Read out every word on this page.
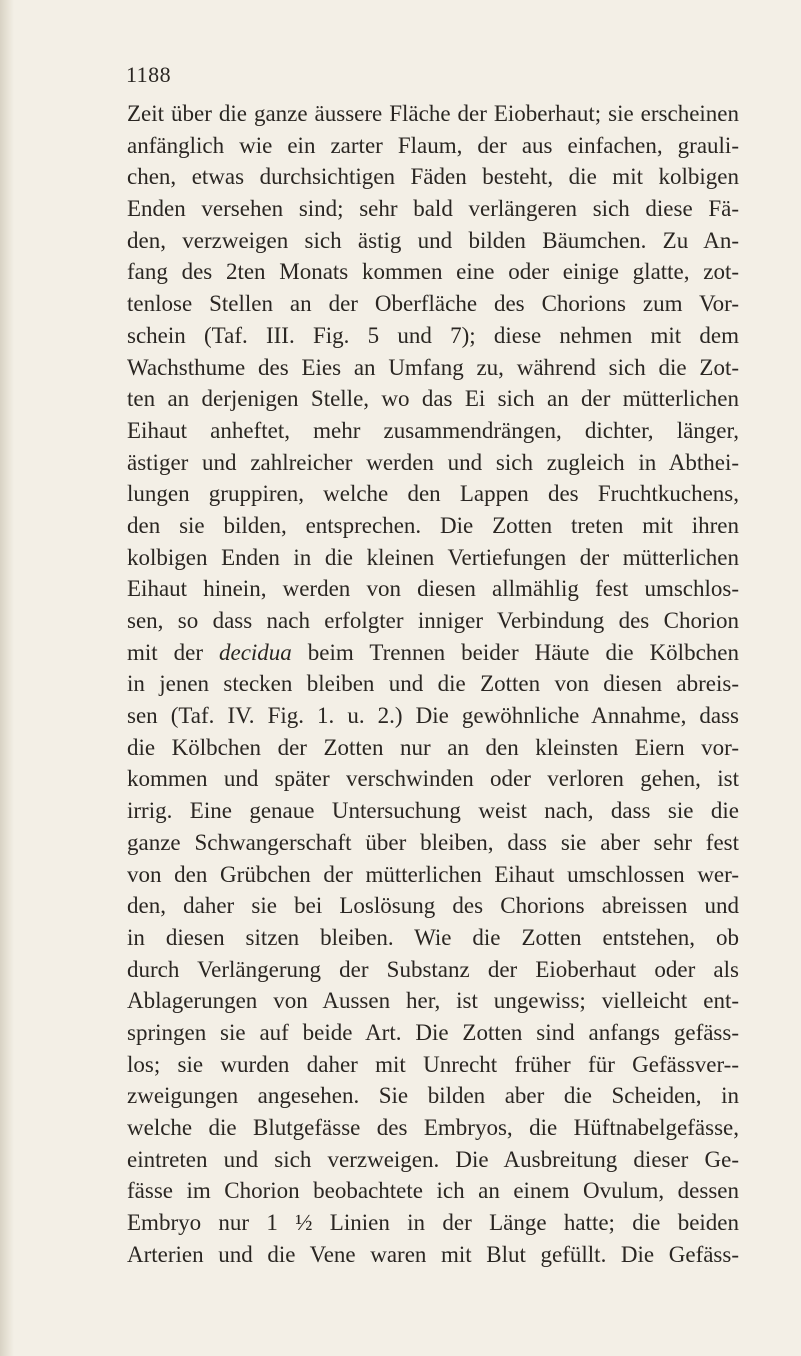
1188
Zeit über die ganze äussere Fläche der Eioberhaut; sie erscheinen
anfänglich wie ein zarter Flaum, der aus einfachen, grauli-
chen, etwas durchsichtigen Fäden besteht, die mit kolbigen
Enden versehen sind; sehr bald verlängeren sich diese Fä-
den, verzweigen sich ästig und bilden Bäumchen. Zu An-
fang des 2ten Monats kommen eine oder einige glatte, zot-
tenlose Stellen an der Oberfläche des Chorions zum Vor-
schein (Taf. III. Fig. 5 und 7); diese nehmen mit dem
Wachsthume des Eies an Umfang zu, während sich die Zot-
ten an derjenigen Stelle, wo das Ei sich an der mütterlichen
Eihaut anheftet, mehr zusammendrängen, dichter, länger,
ästiger und zahlreicher werden und sich zugleich in Abthei-
lungen gruppiren, welche den Lappen des Fruchtkuchens,
den sie bilden, entsprechen. Die Zotten treten mit ihren
kolbigen Enden in die kleinen Vertiefungen der mütterlichen
Eihaut hinein, werden von diesen allmählig fest umschlos-
sen, so dass nach erfolgter inniger Verbindung des Chorion
mit der decidua beim Trennen beider Häute die Kölbchen
in jenen stecken bleiben und die Zotten von diesen abreis-
sen (Taf. IV. Fig. 1. u. 2.) Die gewöhnliche Annahme, dass
die Kölbchen der Zotten nur an den kleinsten Eiern vor-
kommen und später verschwinden oder verloren gehen, ist
irrig. Eine genaue Untersuchung weist nach, dass sie die
ganze Schwangerschaft über bleiben, dass sie aber sehr fest
von den Grübchen der mütterlichen Eihaut umschlossen wer-
den, daher sie bei Loslösung des Chorions abreissen und
in diesen sitzen bleiben. Wie die Zotten entstehen, ob
durch Verlängerung der Substanz der Eioberhaut oder als
Ablagerungen von Aussen her, ist ungewiss; vielleicht ent-
springen sie auf beide Art. Die Zotten sind anfangs gefäss-
los; sie wurden daher mit Unrecht früher für Gefässver--
zweigungen angesehen. Sie bilden aber die Scheiden, in
welche die Blutgefässe des Embryos, die Hüftnabelgefässe,
eintreten und sich verzweigen. Die Ausbreitung dieser Ge-
fässe im Chorion beobachtete ich an einem Ovulum, dessen
Embryo nur 1 ½ Linien in der Länge hatte; die beiden
Arterien und die Vene waren mit Blut gefüllt. Die Gefäss-
